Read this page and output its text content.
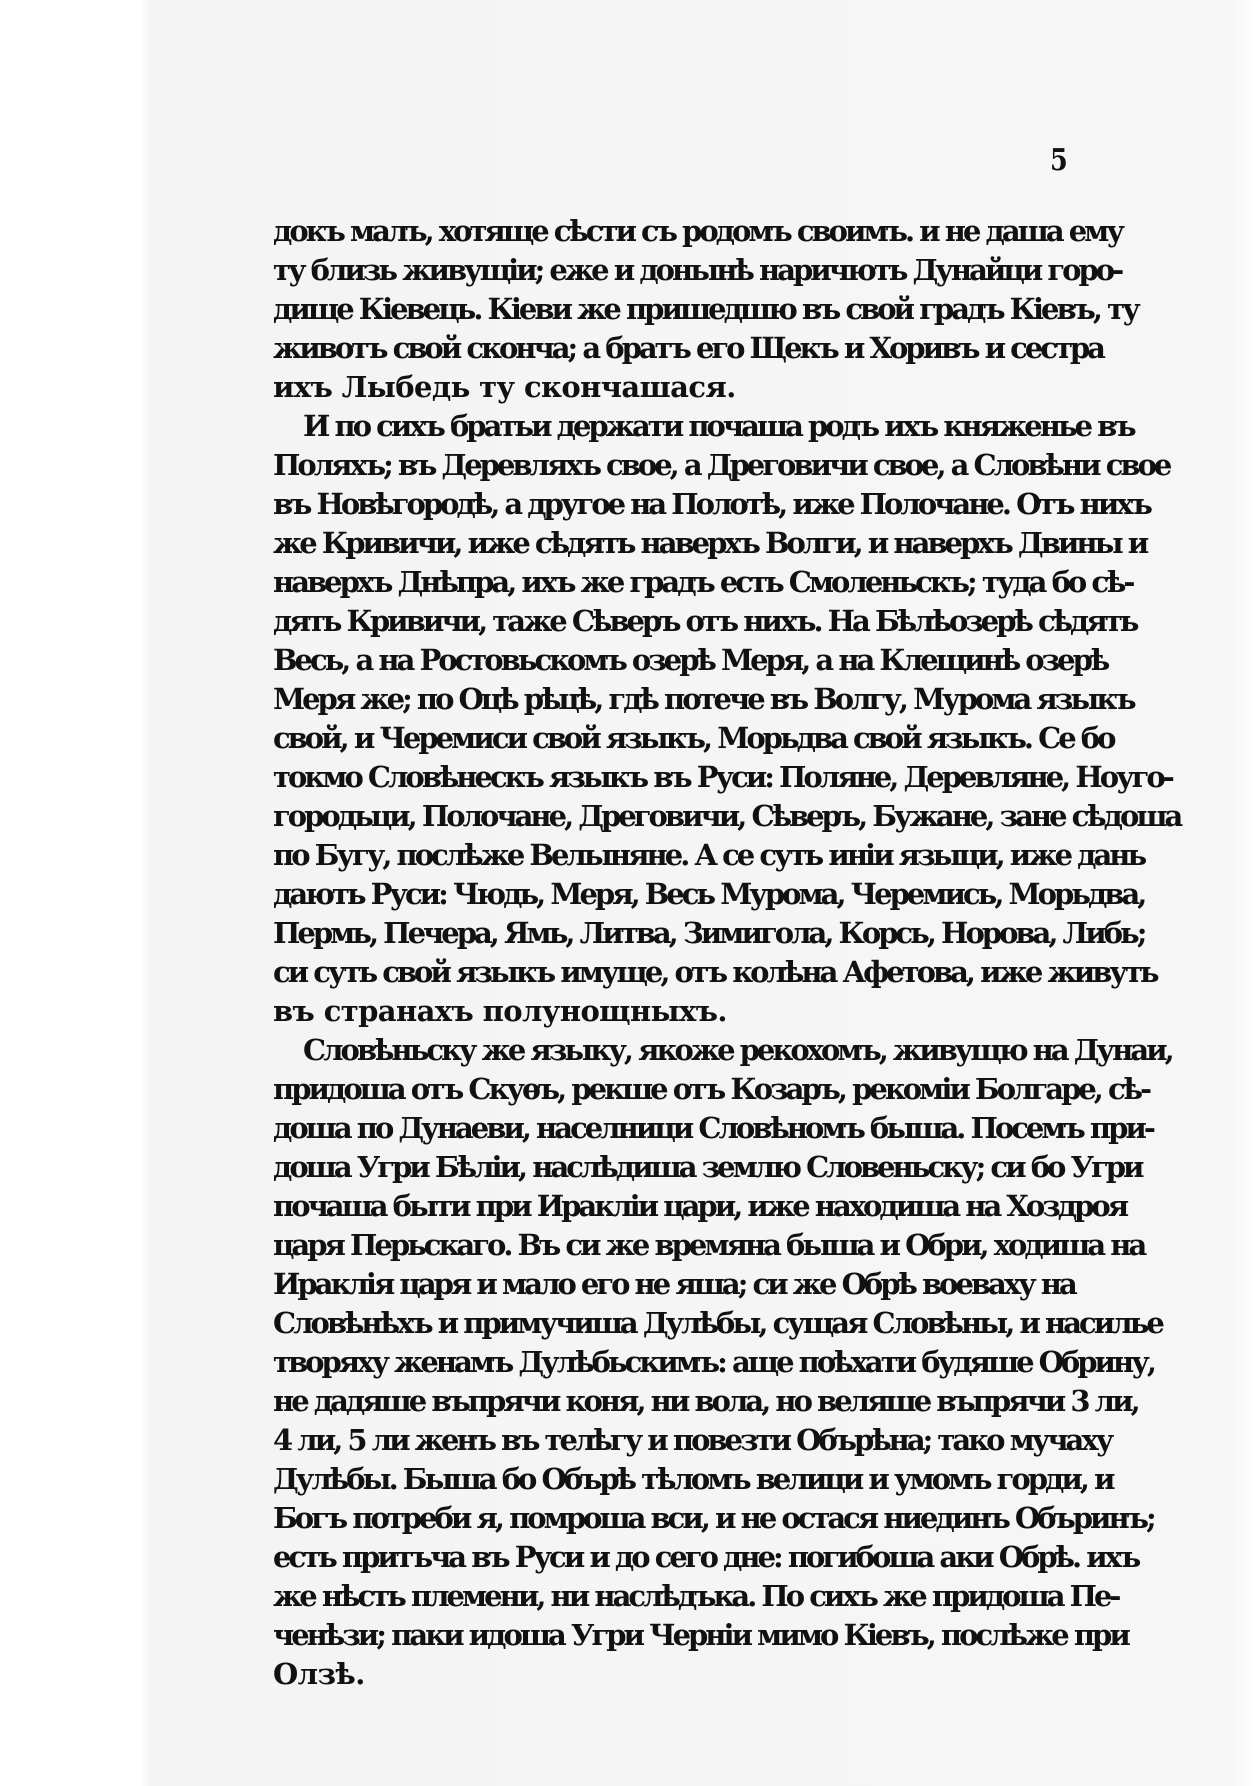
5
докъ малъ, хотяще сѣсти съ родомъ своимъ. и не даша ему
ту близь живущіи; еже и донынѣ наричють Дунайци горо-
дище Кіевець. Кіеви же пришедшю въ свой градъ Кіевъ, ту
животъ свой сконча; а братъ его Щекъ и Хоривъ и сестра
ихъ Лыбедь ту скончашася.
И по сихъ братьи держати почаша родъ ихъ княженье въ
Поляхъ; въ Деревляхъ свое, а Дреговичи свое, а Словѣни свое
въ Новѣгородѣ, а другое на Полотѣ, иже Полочане. Отъ нихъ
же Кривичи, иже сѣдять наверхъ Волги, и наверхъ Двины и
наверхъ Днѣпра, ихъ же градъ есть Смоленьскъ; туда бо сѣ-
дять Кривичи, таже Сѣверъ отъ нихъ. На Бѣлѣозерѣ сѣдять
Весь, а на Ростовьскомъ озерѣ Меря, а на Клещинѣ озерѣ
Меря же; по Оцѣ рѣцѣ, гдѣ потече въ Волгу, Мурома языкъ
свой, и Черемиси свой языкъ, Морьдва свой языкъ. Се бо
токмо Словѣнескъ языкъ въ Руси: Поляне, Деревляне, Ноуго-
городьци, Полочане, Дреговичи, Сѣверъ, Бужане, зане сѣдоша
по Бугу, послѣже Велыняне. А се суть иніи языци, иже дань
дають Руси: Чюдь, Меря, Весь Мурома, Черемись, Морьдва,
Пермь, Печера, Ямь, Литва, Зимигола, Корсь, Норова, Либь;
си суть свой языкъ имуще, отъ колѣна Афетова, иже живуть
въ странахъ полунощныхъ.
Словѣньску же языку, якоже рекохомъ, живущю на Дунаи,
придоша отъ Скуѳъ, рекше отъ Козаръ, рекоміи Болгаре, сѣ-
доша по Дунаеви, населници Словѣномъ быша. Посемъ при-
доша Угри Бѣліи, наслѣдиша землю Словеньску; си бо Угри
почаша быти при Иракліи цари, иже находиша на Хоздроя
царя Перьскаго. Въ си же времяна быша и Обри, ходиша на
Ираклія царя и мало его не яша; си же Обрѣ воеваху на
Словѣнѣхъ и примучиша Дулѣбы, сущая Словѣны, и насилье
творяху женамъ Дулѣбьскимъ: аще поѣхати будяше Обрину,
не дадяше въпрячи коня, ни вола, но веляше въпрячи 3 ли,
4 ли, 5 ли женъ въ телѣгу и повезти Обърѣна; тако мучаху
Дулѣбы. Быша бо Обърѣ тѣломъ велици и умомъ горди, и
Богъ потреби я, помроша вси, и не остася ниединъ Объринъ;
есть притъча въ Руси и до сего дне: погибоша аки Обрѣ. ихъ
же нѣсть племени, ни наслѣдъка. По сихъ же придоша Пе-
ченѣзи; паки идоша Угри Черніи мимо Кіевъ, послѣже при
Олзѣ.
